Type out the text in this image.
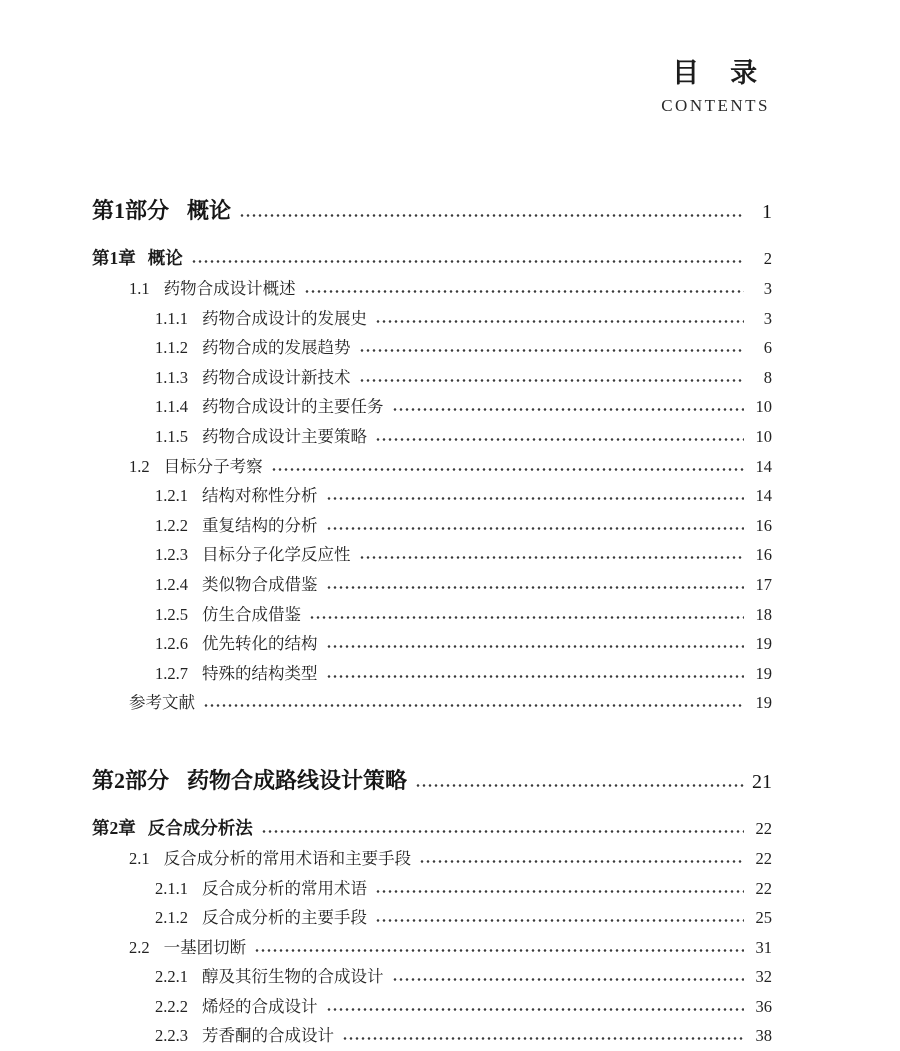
目　录
CONTENTS
第1部分 概论	1
第1章 概论	2
1.1 药物合成设计概述	3
1.1.1 药物合成设计的发展史	3
1.1.2 药物合成的发展趋势	6
1.1.3 药物合成设计新技术	8
1.1.4 药物合成设计的主要任务	10
1.1.5 药物合成设计主要策略	10
1.2 目标分子考察	14
1.2.1 结构对称性分析	14
1.2.2 重复结构的分析	16
1.2.3 目标分子化学反应性	16
1.2.4 类似物合成借鉴	17
1.2.5 仿生合成借鉴	18
1.2.6 优先转化的结构	19
1.2.7 特殊的结构类型	19
参考文献	19
第2部分 药物合成路线设计策略	21
第2章 反合成分析法	22
2.1 反合成分析的常用术语和主要手段	22
2.1.1 反合成分析的常用术语	22
2.1.2 反合成分析的主要手段	25
2.2 一基团切断	31
2.2.1 醇及其衍生物的合成设计	32
2.2.2 烯烃的合成设计	36
2.2.3 芳香酮的合成设计	38
